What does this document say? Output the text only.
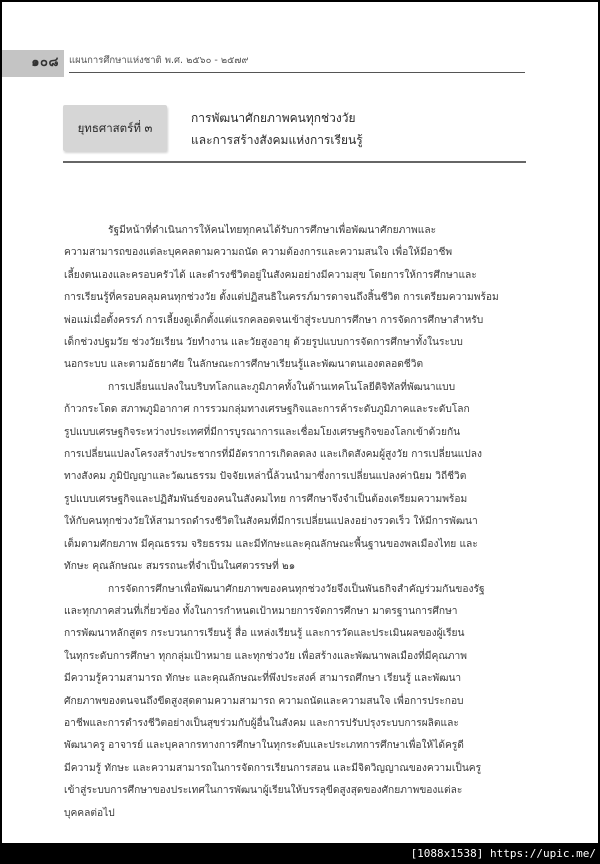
๑๐๘	แผนการศึกษาแห่งชาติ พ.ศ. ๒๕๖๐ - ๒๕๗๙
ยุทธศาสตร์ที่ ๓
การพัฒนาศักยภาพคนทุกช่วงวัย
และการสร้างสังคมแห่งการเรียนรู้
รัฐมีหน้าที่ดำเนินการให้คนไทยทุกคนได้รับการศึกษาเพื่อพัฒนาศักยภาพและ
ความสามารถของแต่ละบุคคลตามความถนัด ความต้องการและความสนใจ เพื่อให้มีอาชีพ
เลี้ยงตนเองและครอบครัวได้ และดำรงชีวิตอยู่ในสังคมอย่างมีความสุข โดยการให้การศึกษาและ
การเรียนรู้ที่ครอบคลุมคนทุกช่วงวัย ตั้งแต่ปฏิสนธิในครรภ์มารดาจนถึงสิ้นชีวิต การเตรียมความพร้อม
พ่อแม่เมื่อตั้งครรภ์ การเลี้ยงดูเด็กตั้งแต่แรกคลอดจนเข้าสู่ระบบการศึกษา การจัดการศึกษาสำหรับ
เด็กช่วงปฐมวัย ช่วงวัยเรียน วัยทำงาน และวัยสูงอายุ ด้วยรูปแบบการจัดการศึกษาทั้งในระบบ
นอกระบบ และตามอัธยาศัย ในลักษณะการศึกษาเรียนรู้และพัฒนาตนเองตลอดชีวิต
การเปลี่ยนแปลงในบริบทโลกและภูมิภาคทั้งในด้านเทคโนโลยีดิจิทัลที่พัฒนาแบบ
ก้าวกระโดด สภาพภูมิอากาศ การรวมกลุ่มทางเศรษฐกิจและการค้าระดับภูมิภาคและระดับโลก
รูปแบบเศรษฐกิจระหว่างประเทศที่มีการบูรณาการและเชื่อมโยงเศรษฐกิจของโลกเข้าด้วยกัน
การเปลี่ยนแปลงโครงสร้างประชากรที่มีอัตราการเกิดลดลง และเกิดสังคมผู้สูงวัย การเปลี่ยนแปลง
ทางสังคม ภูมิปัญญาและวัฒนธรรม ปัจจัยเหล่านี้ล้วนนำมาซึ่งการเปลี่ยนแปลงค่านิยม วิถีชีวิต
รูปแบบเศรษฐกิจและปฏิสัมพันธ์ของคนในสังคมไทย การศึกษาจึงจำเป็นต้องเตรียมความพร้อม
ให้กับคนทุกช่วงวัยให้สามารถดำรงชีวิตในสังคมที่มีการเปลี่ยนแปลงอย่างรวดเร็ว ให้มีการพัฒนา
เต็มตามศักยภาพ มีคุณธรรม จริยธรรม และมีทักษะและคุณลักษณะพื้นฐานของพลเมืองไทย และ
ทักษะ คุณลักษณะ สมรรถนะที่จำเป็นในศตวรรษที่ ๒๑
การจัดการศึกษาเพื่อพัฒนาศักยภาพของคนทุกช่วงวัยจึงเป็นพันธกิจสำคัญร่วมกันของรัฐ
และทุกภาคส่วนที่เกี่ยวข้อง ทั้งในการกำหนดเป้าหมายการจัดการศึกษา มาตรฐานการศึกษา
การพัฒนาหลักสูตร กระบวนการเรียนรู้ สื่อ แหล่งเรียนรู้ และการวัดและประเมินผลของผู้เรียน
ในทุกระดับการศึกษา ทุกกลุ่มเป้าหมาย และทุกช่วงวัย เพื่อสร้างและพัฒนาพลเมืองที่มีคุณภาพ
มีความรู้ความสามารถ ทักษะ และคุณลักษณะที่พึงประสงค์ สามารถศึกษา เรียนรู้ และพัฒนา
ศักยภาพของตนจนถึงขีดสูงสุดตามความสามารถ ความถนัดและความสนใจ เพื่อการประกอบ
อาชีพและการดำรงชีวิตอย่างเป็นสุขร่วมกับผู้อื่นในสังคม และการปรับปรุงระบบการผลิตและ
พัฒนาครู อาจารย์ และบุคลากรทางการศึกษาในทุกระดับและประเภทการศึกษาเพื่อให้ได้ครูดี
มีความรู้ ทักษะ และความสามารถในการจัดการเรียนการสอน และมีจิตวิญญาณของความเป็นครู
เข้าสู่ระบบการศึกษาของประเทศในการพัฒนาผู้เรียนให้บรรลุขีดสูงสุดของศักยภาพของแต่ละ
บุคคลต่อไป
[1088x1538] https://upic.me/
